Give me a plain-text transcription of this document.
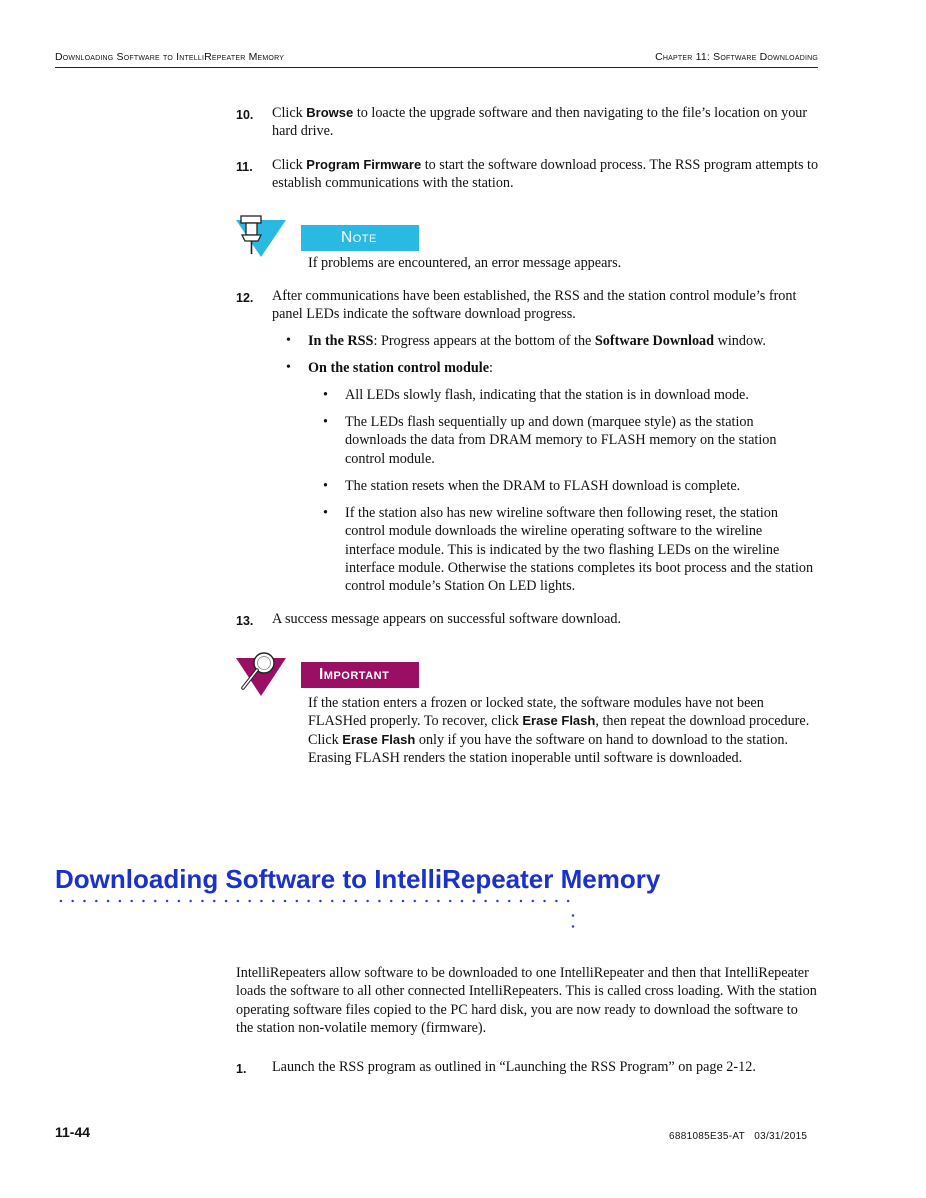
Downloading Software to IntelliRepeater Memory	Chapter 11: Software Downloading
10. Click Browse to loacte the upgrade software and then navigating to the file’s location on your hard drive.
11. Click Program Firmware to start the software download process. The RSS program attempts to establish communications with the station.
Note
If problems are encountered, an error message appears.
12. After communications have been established, the RSS and the station control module’s front panel LEDs indicate the software download progress.
• In the RSS: Progress appears at the bottom of the Software Download window.
• On the station control module:
• All LEDs slowly flash, indicating that the station is in download mode.
• The LEDs flash sequentially up and down (marquee style) as the station downloads the data from DRAM memory to FLASH memory on the station control module.
• The station resets when the DRAM to FLASH download is complete.
• If the station also has new wireline software then following reset, the station control module downloads the wireline operating software to the wireline interface module. This is indicated by the two flashing LEDs on the wireline interface module. Otherwise the stations completes its boot process and the station control module’s Station On LED lights.
13. A success message appears on successful software download.
Important
If the station enters a frozen or locked state, the software modules have not been FLASHed properly. To recover, click Erase Flash, then repeat the download procedure. Click Erase Flash only if you have the software on hand to download to the station. Erasing FLASH renders the station inoperable until software is downloaded.
Downloading Software to IntelliRepeater Memory
IntelliRepeaters allow software to be downloaded to one IntelliRepeater and then that IntelliRepeater loads the software to all other connected IntelliRepeaters. This is called cross loading. With the station operating software files copied to the PC hard disk, you are now ready to download the software to the station non-volatile memory (firmware).
1. Launch the RSS program as outlined in “Launching the RSS Program” on page 2-12.
11-44	6881085E35-AT 03/31/2015
